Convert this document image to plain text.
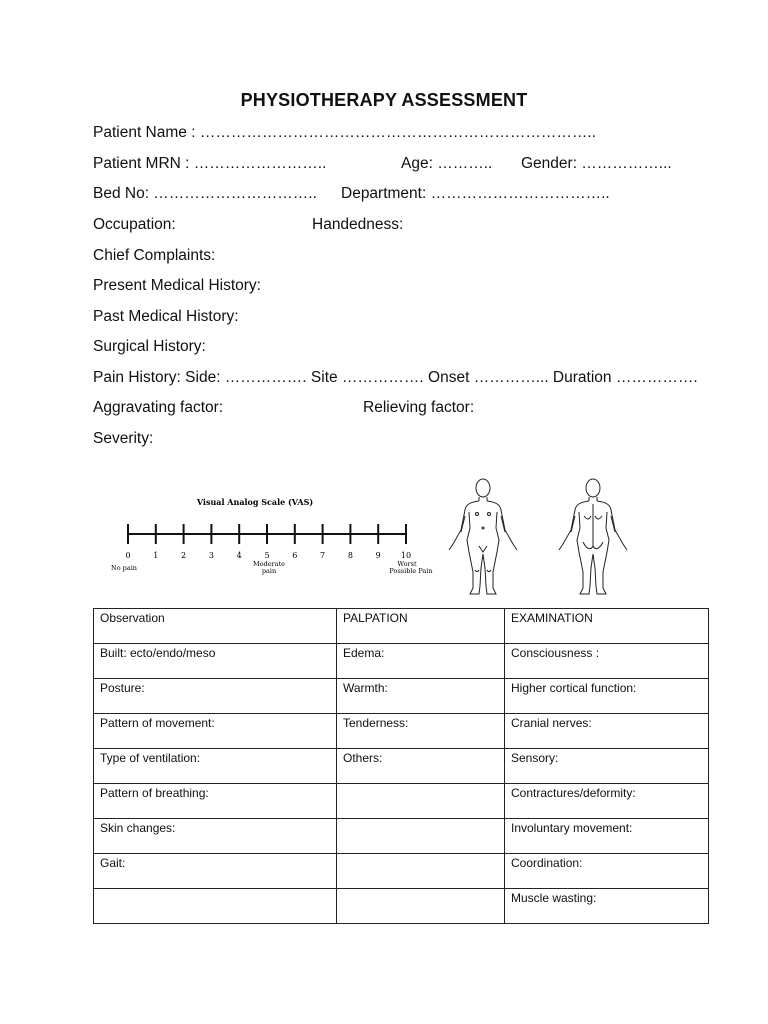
PHYSIOTHERAPY ASSESSMENT
Patient Name : …………………………………………………………………..
Patient MRN : ……………………..	Age: ……….. Gender: ……………...
Bed No: ………………………….. Department: ……………………………..
Occupation:	Handedness:
Chief Complaints:
Present Medical History:
Past Medical History:
Surgical History:
Pain History: Side: ……………. Site ……………. Onset …………... Duration …………….
Aggravating factor:	Relieving factor:
Severity:
Visual Analog Scale (VAS)
0	1	2	3	4	5	6	7	8	9	10
No pain	Moderate
pain
Worst
Possible Pain
Observation	PALPATION	EXAMINATION
Built: ecto/endo/meso	Edema:	Consciousness :
Posture:	Warmth:	Higher cortical function:
Pattern of movement:	Tenderness:	Cranial nerves:
Type of ventilation:	Others:	Sensory:
Pattern of breathing:		Contractures/deformity:
Skin changes:		Involuntary movement:
Gait:		Coordination:
		Muscle wasting:
